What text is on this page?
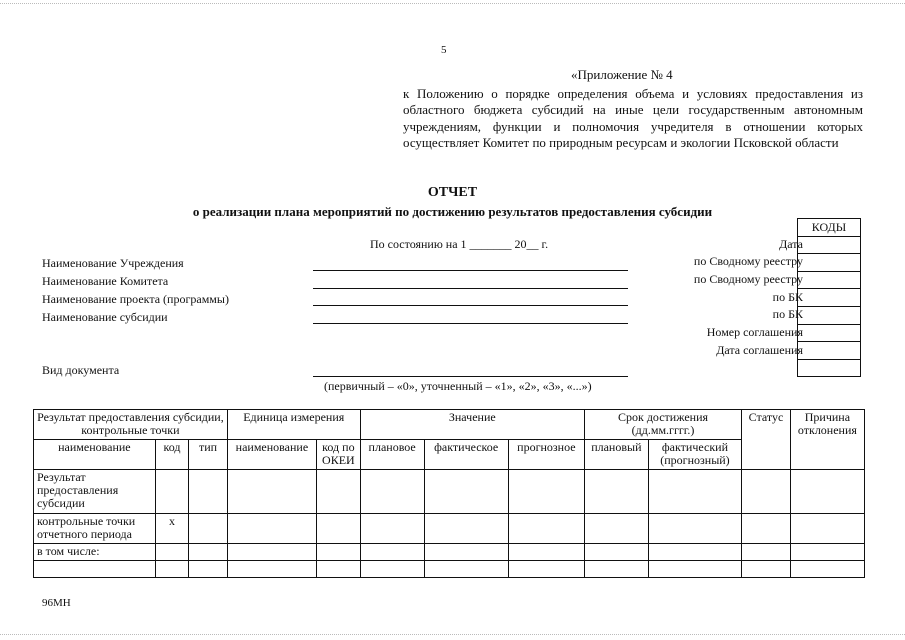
5
«Приложение № 4
к Положению о порядке определения объема и условиях предоставления из областного бюджета субсидий на иные цели государственным автономным учреждениям, функции и полномочия учредителя в отношении которых осуществляет Комитет по природным ресурсам и экологии Псковской области
ОТЧЕТ
о реализации плана мероприятий по достижению результатов предоставления субсидии
По состоянию на 1 _______ 20__ г.
Наименование Учреждения
Наименование Комитета
Наименование проекта (программы)
Наименование субсидии
Вид документа
(первичный – «0», уточненный – «1», «2», «3», «...»)
Дата
по Сводному реестру
по Сводному реестру
по БК
по БК
Номер соглашения
Дата соглашения
КОДЫ

Результат предоставления субсидии, контрольные точки			Единица измерения		Значение			Срок достижения (дд.мм.гггг.)		Статус	Причина отклонения
наименование	код	тип	наименование	код по ОКЕИ	плановое	фактическое	прогнозное	плановый	фактический (прогнозный)		
Результат предоставления субсидии											
контрольные точки отчетного периода	x										
в том числе:											

96МН
